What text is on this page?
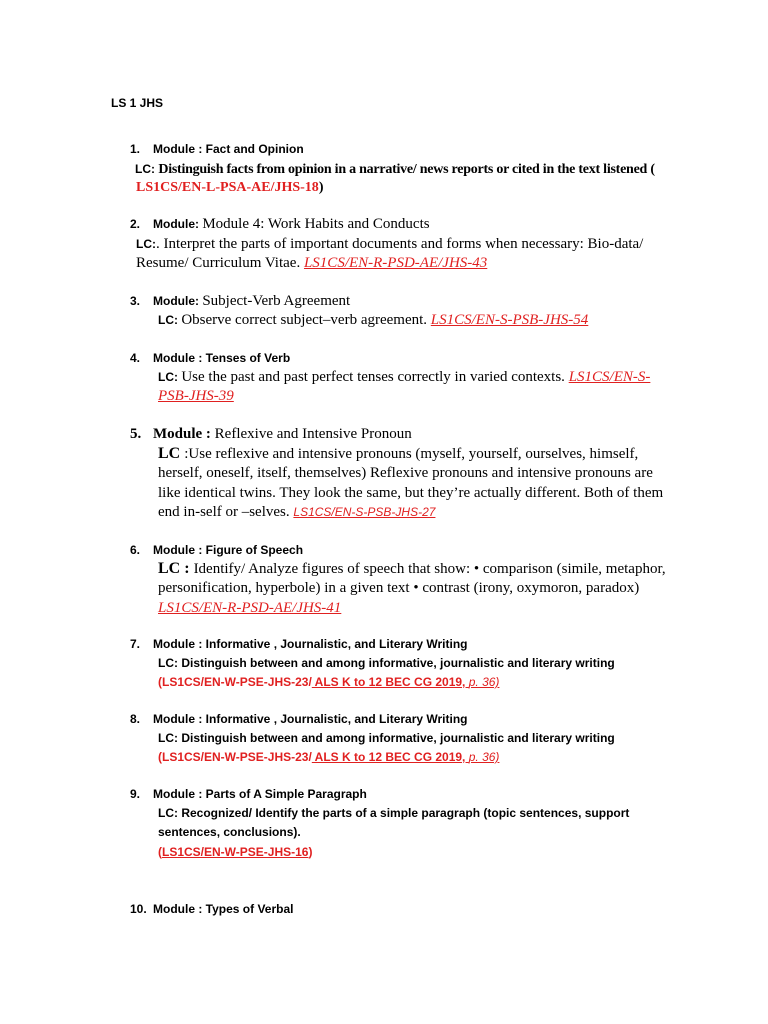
LS 1 JHS
1. Module : Fact and Opinion
LC: Distinguish facts from opinion in a narrative/ news reports or cited in the text listened (
LS1CS/EN-L-PSA-AE/JHS-18)
2. Module: Module 4: Work Habits and Conducts
LC:. Interpret the parts of important documents and forms when necessary: Bio-data/
Resume/ Curriculum Vitae. LS1CS/EN-R-PSD-AE/JHS-43
3. Module: Subject-Verb Agreement
LC: Observe correct subject–verb agreement. LS1CS/EN-S-PSB-JHS-54
4. Module : Tenses of Verb
LC: Use the past and past perfect tenses correctly in varied contexts. LS1CS/EN-S-
PSB-JHS-39
5. Module : Reflexive and Intensive Pronoun
LC :Use reflexive and intensive pronouns (myself, yourself, ourselves, himself,
herself, oneself, itself, themselves) Reflexive pronouns and intensive pronouns are
like identical twins. They look the same, but they’re actually different. Both of them
end in-self or –selves. LS1CS/EN-S-PSB-JHS-27
6. Module : Figure of Speech
LC : Identify/ Analyze figures of speech that show: • comparison (simile, metaphor,
personification, hyperbole) in a given text • contrast (irony, oxymoron, paradox)
LS1CS/EN-R-PSD-AE/JHS-41
7. Module : Informative , Journalistic, and Literary Writing
LC: Distinguish between and among informative, journalistic and literary writing
(LS1CS/EN-W-PSE-JHS-23/ ALS K to 12 BEC CG 2019, p. 36)
8. Module : Informative , Journalistic, and Literary Writing
LC: Distinguish between and among informative, journalistic and literary writing
(LS1CS/EN-W-PSE-JHS-23/ ALS K to 12 BEC CG 2019, p. 36)
9. Module : Parts of A Simple Paragraph
LC: Recognized/ Identify the parts of a simple paragraph (topic sentences, support
sentences, conclusions).
(LS1CS/EN-W-PSE-JHS-16)
10. Module : Types of Verbal
